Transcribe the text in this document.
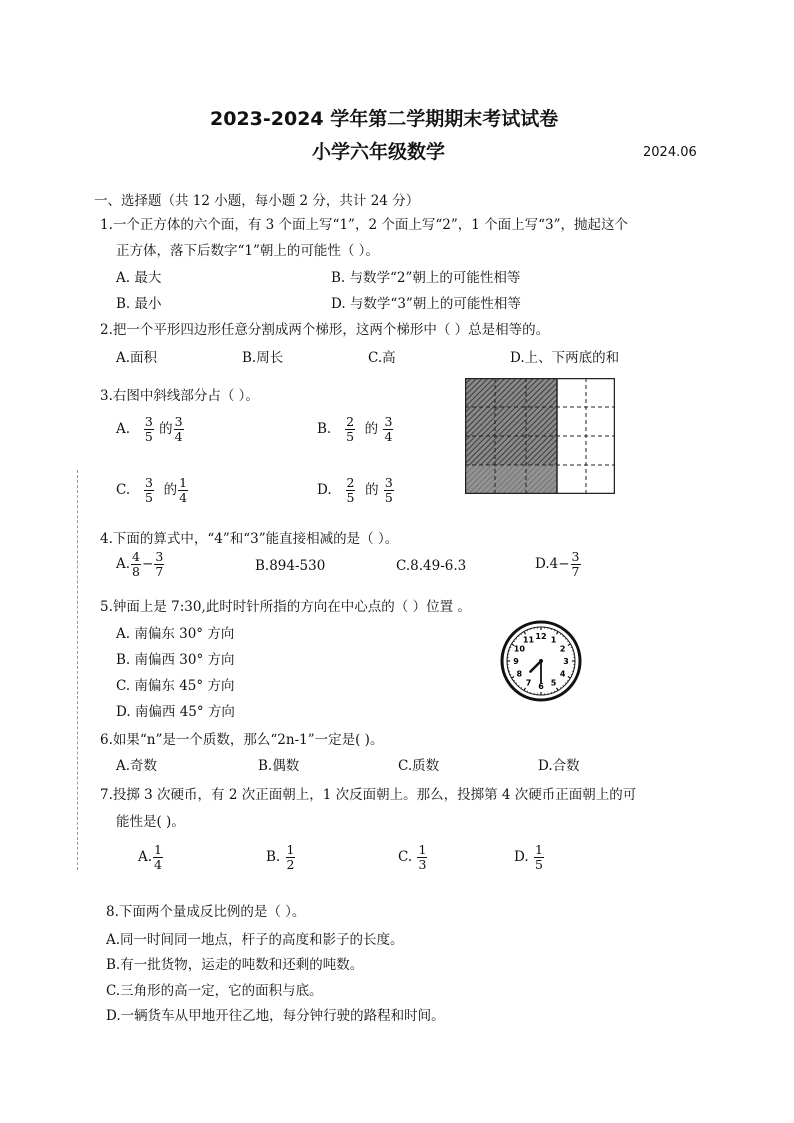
2023-2024 学年第二学期期末考试试卷
小学六年级数学	2024.06
一、选择题（共 12 小题，每小题 2 分，共计 24 分）
1.一个正方体的六个面，有 3 个面上写“1”，2 个面上写“2”，1 个面上写“3”，抛起这个
正方体，落下后数字“1”朝上的可能性（ ）。
A. 最大	B. 与数学“2”朝上的可能性相等
B. 最小	D. 与数学“3”朝上的可能性相等
2.把一个平形四边形任意分割成两个梯形，这两个梯形中（ ）总是相等的。
A.面积	B.周长	C.高	D.上、下两底的和
3.右图中斜线部分占（ ）。
A. $\frac{3}{5}$ 的 $\frac{3}{4}$	B. $\frac{2}{5}$ 的 $\frac{3}{4}$
C. $\frac{3}{5}$ 的 $\frac{1}{4}$	D. $\frac{2}{5}$ 的 $\frac{3}{5}$
4.下面的算式中，“4”和“3”能直接相减的是（ ）。
A. $\frac{4}{8} - \frac{3}{7}$	B.894-530	C.8.49-6.3	$D.4- \frac{3}{7}$
5.钟面上是 7:30,此时时针所指的方向在中心点的（ ）位置 。
A. 南偏东 30° 方向
B. 南偏西 30° 方向
C. 南偏东 45° 方向
D. 南偏西 45° 方向
12 1
2
3
4
5
6
7
8
9
10
11
6.如果“n”是一个质数，那么“2n-1”一定是( )。
A.奇数	B.偶数	C.质数	D.合数
7.投掷 3 次硬币，有 2 次正面朝上，1 次反面朝上。那么，投掷第 4 次硬币正面朝上的可
能性是( )。
A. $\frac{1}{4}$	B. $\frac{1}{2}$	C. $\frac{1}{3}$	D. $\frac{1}{5}$
8.下面两个量成反比例的是（ ）。
A.同一时间同一地点，杆子的高度和影子的长度。
B.有一批货物，运走的吨数和还剩的吨数。
C.三角形的高一定，它的面积与底。
D.一辆货车从甲地开往乙地，每分钟行驶的路程和时间。
